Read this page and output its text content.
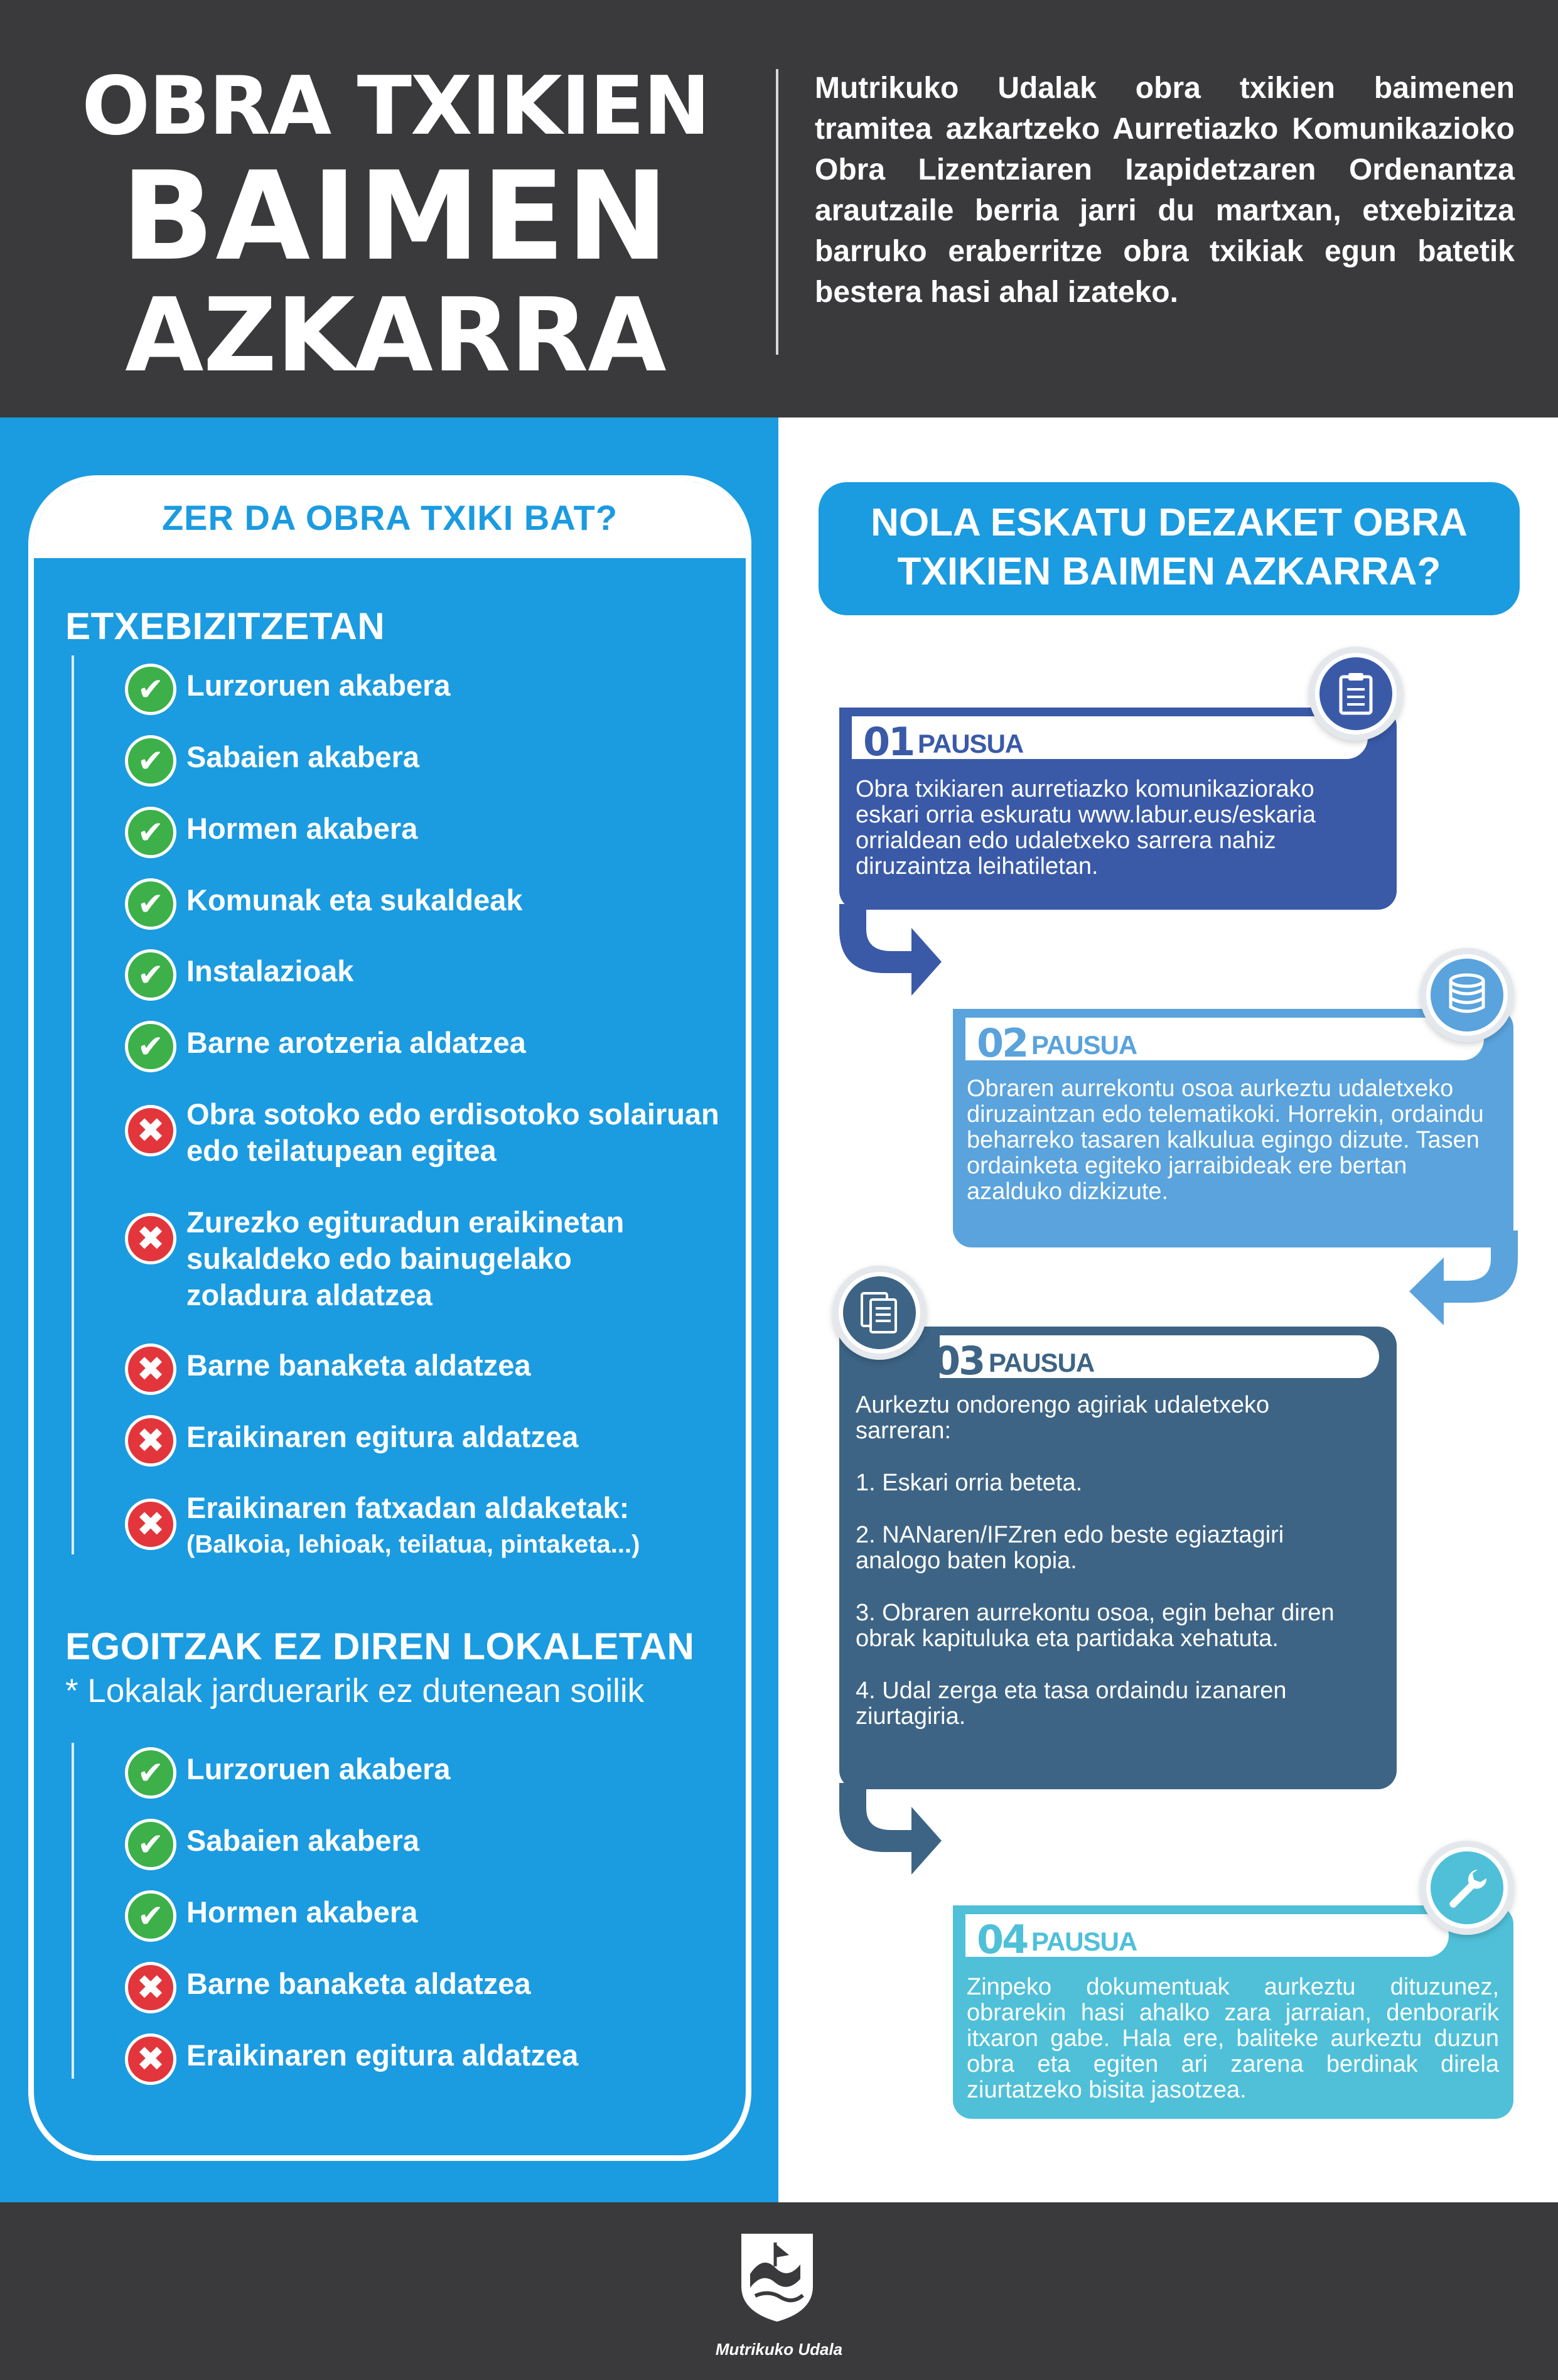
OBRA TXIKIEN
BAIMEN
AZKARRA
Mutrikuko Udalak obra txikien baimenen tramitea azkartzeko Aurretiazko Komunikazioko Obra Lizentziaren Izapidetzaren Ordenantza arautzaile berria jarri du martxan, etxebizitza barruko eraberritze obra txikiak egun batetik bestera hasi ahal izateko.
ZER DA OBRA TXIKI BAT?
ETXEBIZITZETAN
✔ Lurzoruen akabera
✔ Sabaien akabera
✔ Hormen akabera
✔ Komunak eta sukaldeak
✔ Instalazioak
✔ Barne arotzeria aldatzea
✖ Obra sotoko edo erdisotoko solairuan
edo teilatupean egitea
✖ Zurezko egituradun eraikinetan
sukaldeko edo bainugelako
zoladura aldatzea
✖ Barne banaketa aldatzea
✖ Eraikinaren egitura aldatzea
✖ Eraikinaren fatxadan aldaketak:
(Balkoia, lehioak, teilatua, pintaketa...)
EGOITZAK EZ DIREN LOKALETAN
* Lokalak jarduerarik ez dutenean soilik
✔ Lurzoruen akabera
✔ Sabaien akabera
✔ Hormen akabera
✖ Barne banaketa aldatzea
✖ Eraikinaren egitura aldatzea
NOLA ESKATU DEZAKET OBRA TXIKIEN BAIMEN AZKARRA?
01 PAUSUA
Obra txikiaren aurretiazko komunikaziorako eskari orria eskuratu www.labur.eus/eskaria orrialdean edo udaletxeko sarrera nahiz diruzaintza leihatiletan.
02 PAUSUA
Obraren aurrekontu osoa aurkeztu udaletxeko diruzaintzan edo telematikoki. Horrekin, ordaindu beharreko tasaren kalkulua egingo dizute. Tasen ordainketa egiteko jarraibideak ere bertan azalduko dizkizute.
03 PAUSUA

Aurkeztu ondorengo agiriak udaletxeko sarreran:

1. Eskari orria beteta.

2. NANaren/IFZren edo beste egiaztagiri analogo baten kopia.

3. Obraren aurrekontu osoa, egin behar diren obrak kapituluka eta partidaka xehatuta.

4. Udal zerga eta tasa ordaindu izanaren ziurtagiria.

04 PAUSUA
Zinpeko dokumentuak aurkeztu dituzunez, obrarekin hasi ahalko zara jarraian, denborarik itxaron gabe. Hala ere, baliteke aurkeztu duzun obra eta egiten ari zarena berdinak direla ziurtatzeko bisita jasotzea.
Mutrikuko Udala
